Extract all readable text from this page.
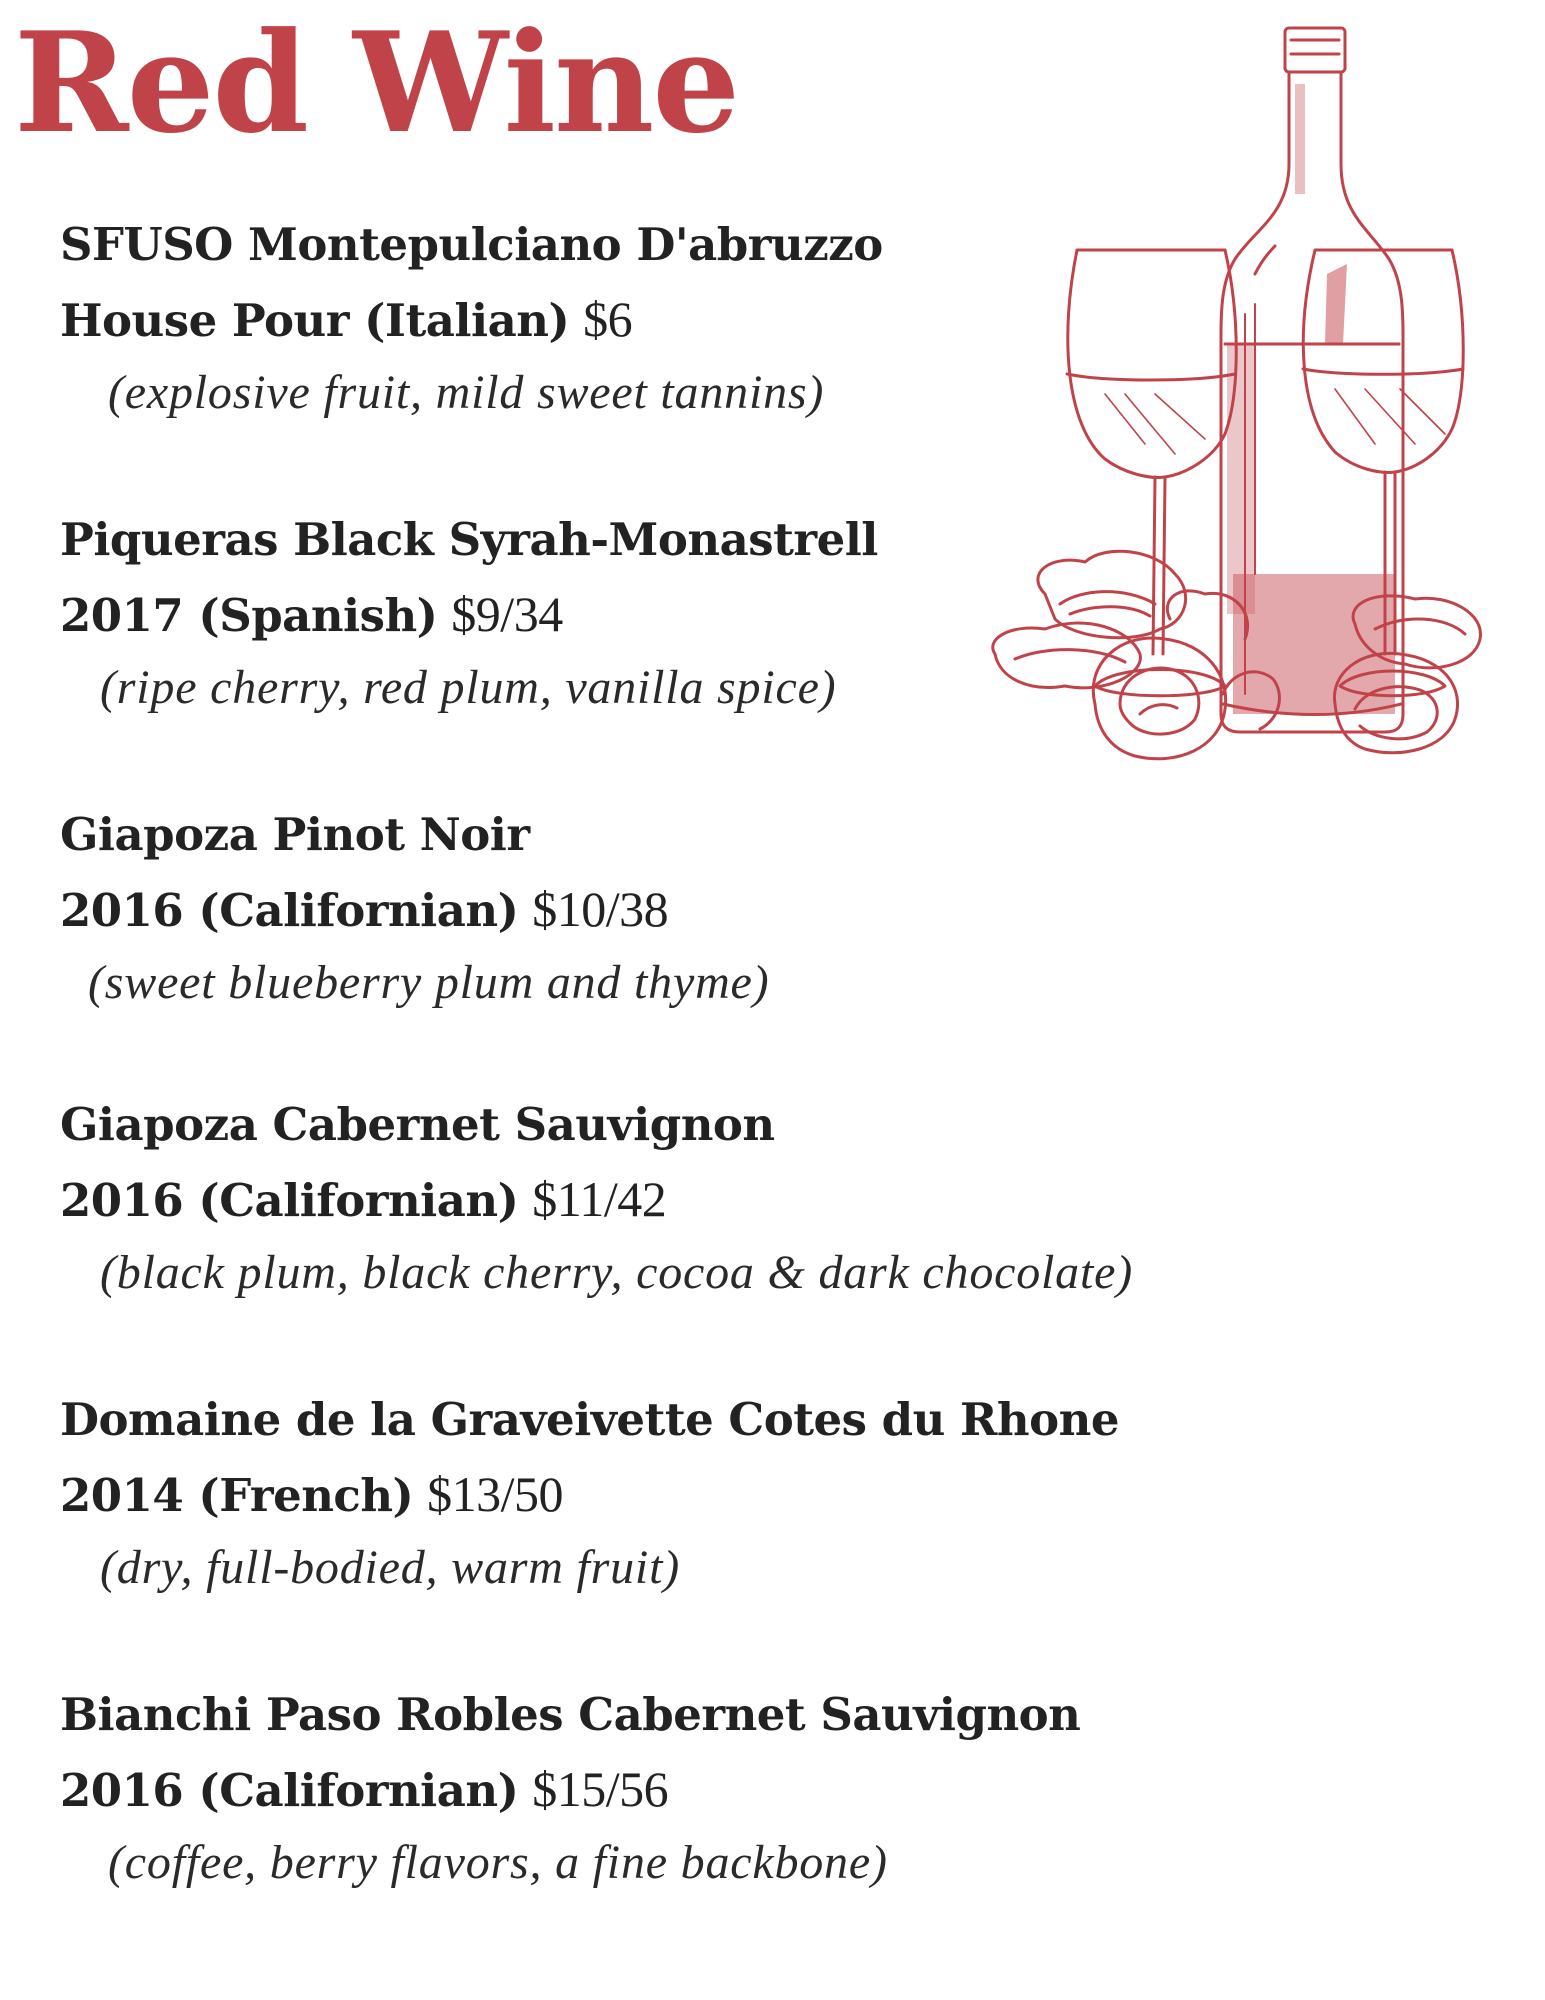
Red Wine
SFUSO Montepulciano D'abruzzo
House Pour (Italian) $6
(explosive fruit, mild sweet tannins)
Piqueras Black Syrah-Monastrell
2017 (Spanish) $9/34
(ripe cherry, red plum, vanilla spice)
Giapoza Pinot Noir
2016 (Californian) $10/38
(sweet blueberry plum and thyme)
Giapoza Cabernet Sauvignon
2016 (Californian) $11/42
(black plum, black cherry, cocoa & dark chocolate)
Domaine de la Graveivette Cotes du Rhone
2014 (French) $13/50
(dry, full-bodied, warm fruit)
Bianchi Paso Robles Cabernet Sauvignon
2016 (Californian) $15/56
(coffee, berry flavors, a fine backbone)
